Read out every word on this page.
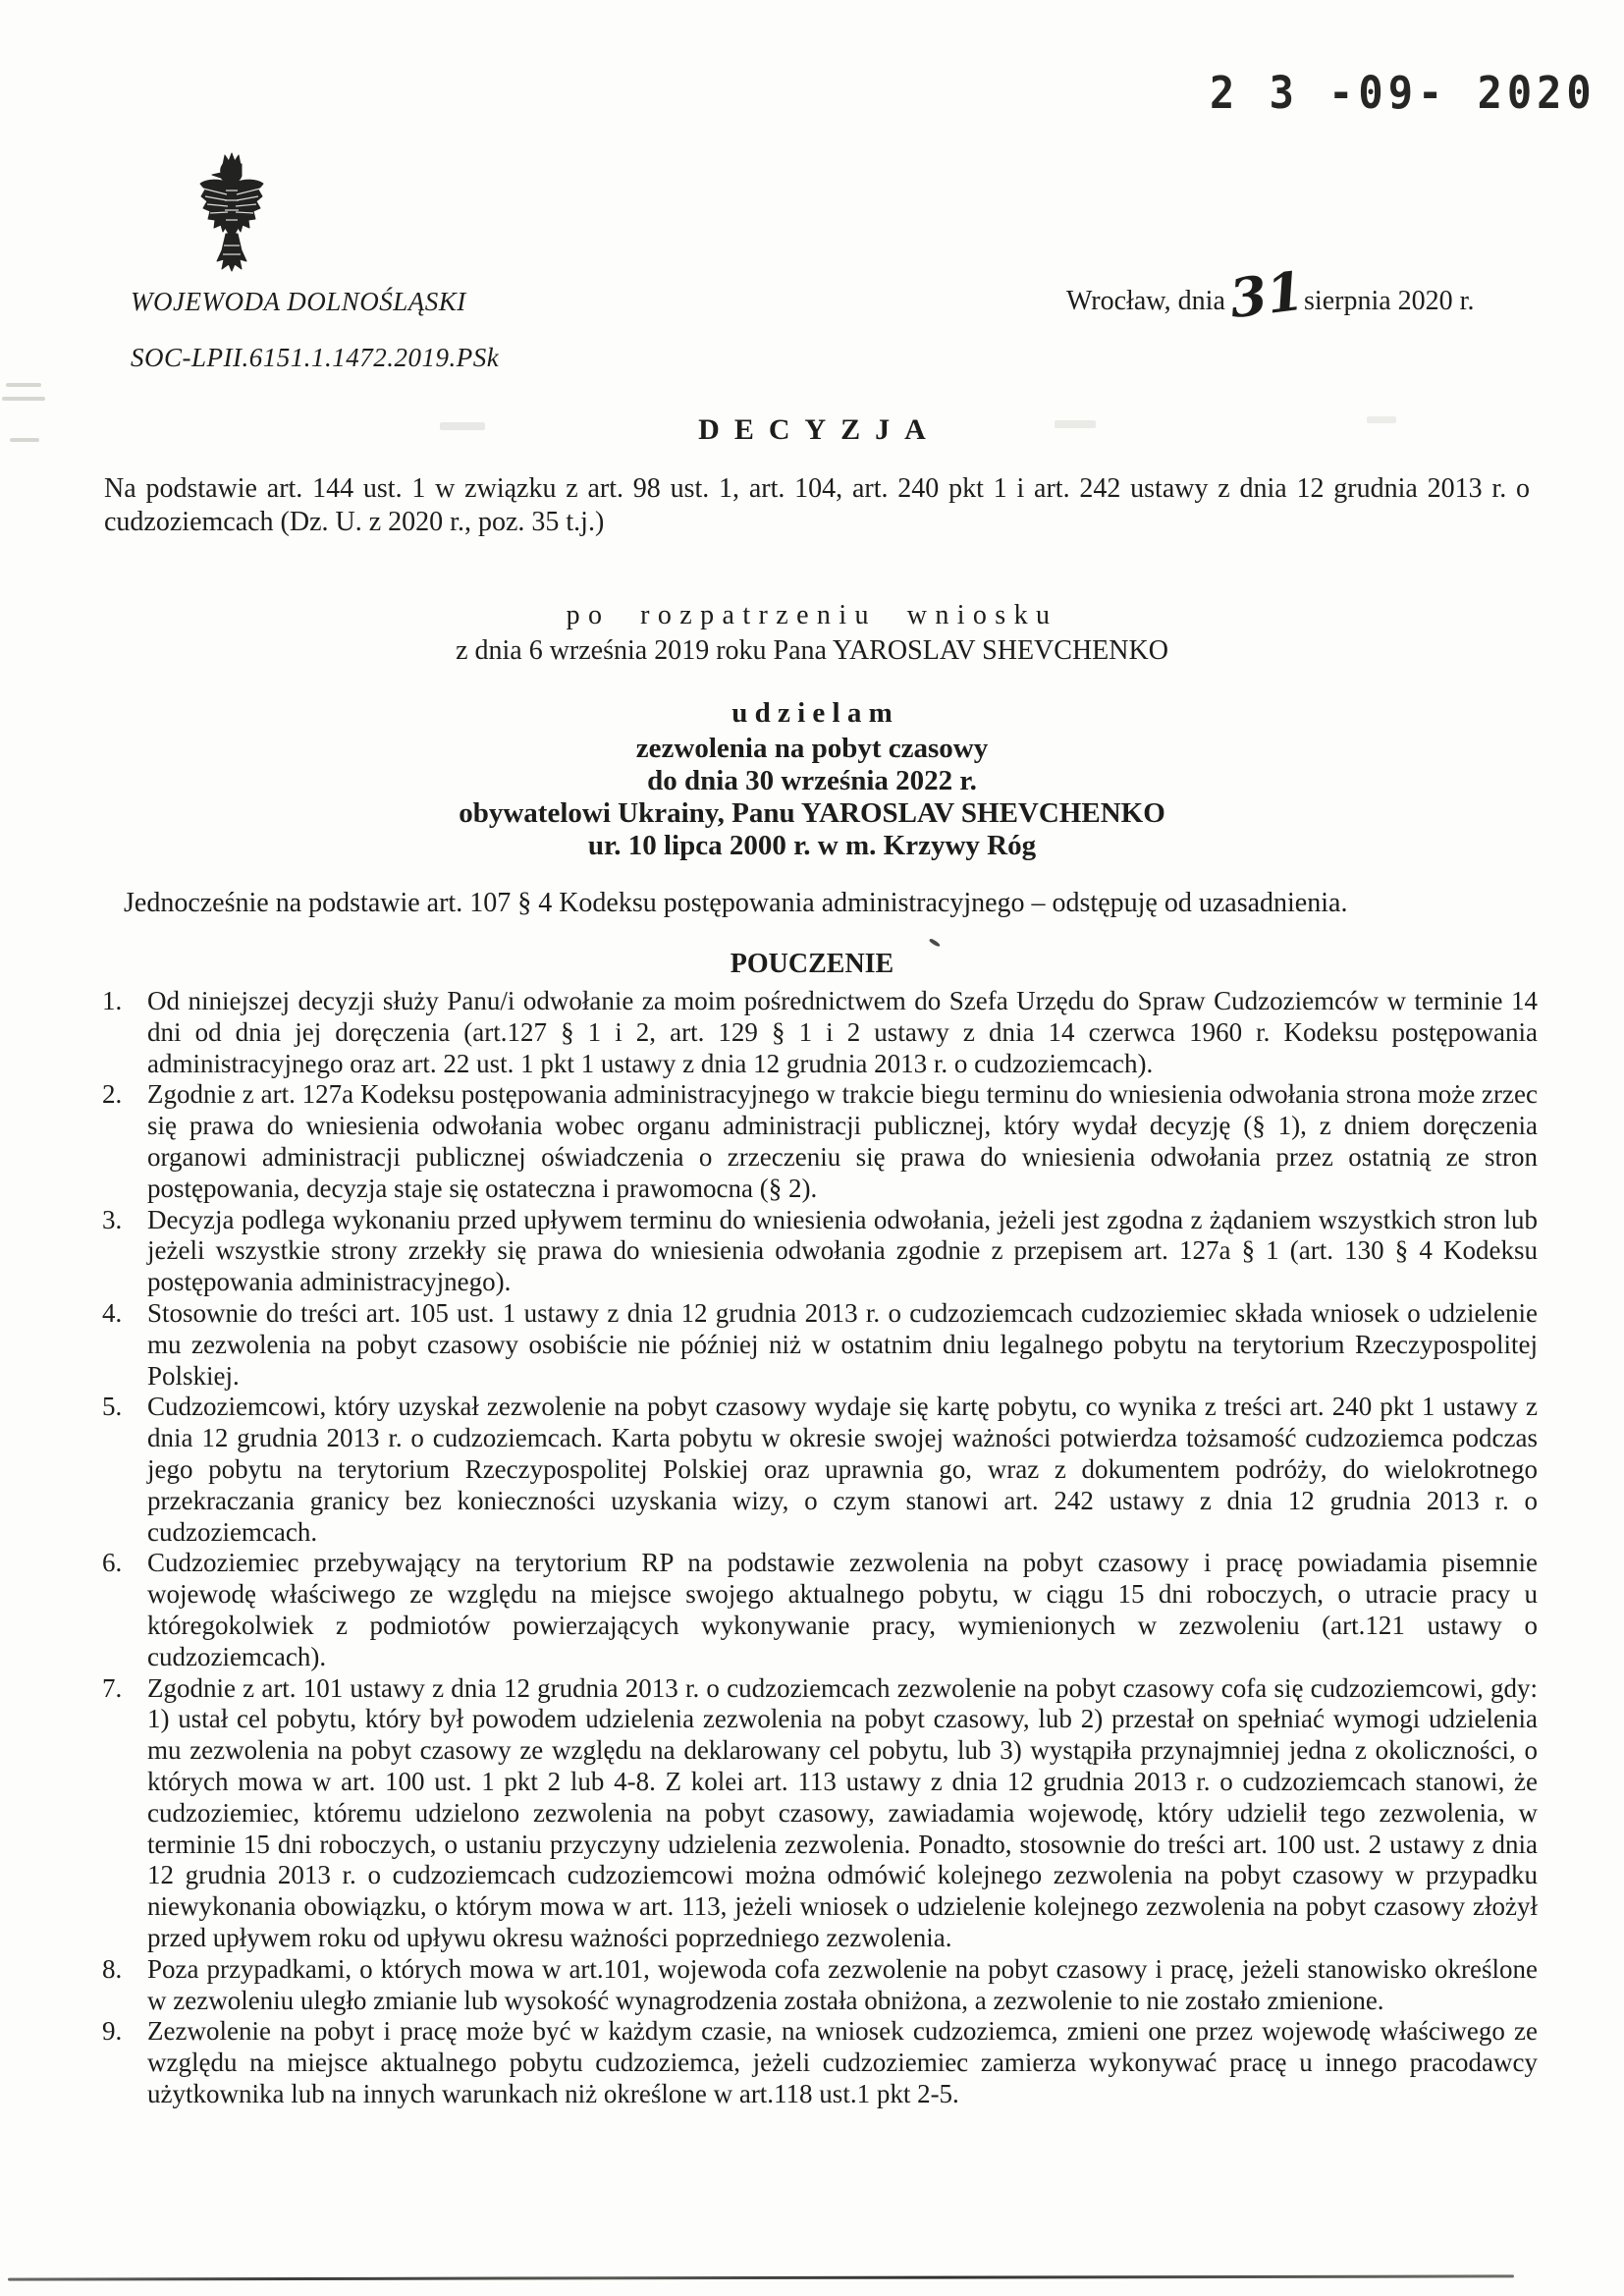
2 3 -09- 2020
WOJEWODA DOLNOŚLĄSKI	Wrocław, dnia31sierpnia 2020 r.
SOC-LPII.6151.1.1472.2019.PSk
DECYZJA
Na podstawie art. 144 ust. 1 w związku z art. 98 ust. 1, art. 104, art. 240 pkt 1 i art. 242 ustawy z dnia 12 grudnia 2013 r. o cudzoziemcach (Dz. U. z 2020 r., poz. 35 t.j.)
po rozpatrzeniu wniosku
z dnia 6 września 2019 roku Pana YAROSLAV SHEVCHENKO
udzielam
zezwolenia na pobyt czasowy
do dnia 30 września 2022 r.
obywatelowi Ukrainy, Panu YAROSLAV SHEVCHENKO
ur. 10 lipca 2000 r. w m. Krzywy Róg
Jednocześnie na podstawie art. 107 § 4 Kodeksu postępowania administracyjnego – odstępuję od uzasadnienia.
POUCZENIE
1. Od niniejszej decyzji służy Panu/i odwołanie za moim pośrednictwem do Szefa Urzędu do Spraw Cudzoziemców w terminie 14 dni od dnia jej doręczenia (art.127 § 1 i 2, art. 129 § 1 i 2 ustawy z dnia 14 czerwca 1960 r. Kodeksu postępowania administracyjnego oraz art. 22 ust. 1 pkt 1 ustawy z dnia 12 grudnia 2013 r. o cudzoziemcach).
2. Zgodnie z art. 127a Kodeksu postępowania administracyjnego w trakcie biegu terminu do wniesienia odwołania strona może zrzec się prawa do wniesienia odwołania wobec organu administracji publicznej, który wydał decyzję (§ 1), z dniem doręczenia organowi administracji publicznej oświadczenia o zrzeczeniu się prawa do wniesienia odwołania przez ostatnią ze stron postępowania, decyzja staje się ostateczna i prawomocna (§ 2).
3. Decyzja podlega wykonaniu przed upływem terminu do wniesienia odwołania, jeżeli jest zgodna z żądaniem wszystkich stron lub jeżeli wszystkie strony zrzekły się prawa do wniesienia odwołania zgodnie z przepisem art. 127a § 1 (art. 130 § 4 Kodeksu postępowania administracyjnego).
4. Stosownie do treści art. 105 ust. 1 ustawy z dnia 12 grudnia 2013 r. o cudzoziemcach cudzoziemiec składa wniosek o udzielenie mu zezwolenia na pobyt czasowy osobiście nie później niż w ostatnim dniu legalnego pobytu na terytorium Rzeczypospolitej Polskiej.
5. Cudzoziemcowi, który uzyskał zezwolenie na pobyt czasowy wydaje się kartę pobytu, co wynika z treści art. 240 pkt 1 ustawy z dnia 12 grudnia 2013 r. o cudzoziemcach. Karta pobytu w okresie swojej ważności potwierdza tożsamość cudzoziemca podczas jego pobytu na terytorium Rzeczypospolitej Polskiej oraz uprawnia go, wraz z dokumentem podróży, do wielokrotnego przekraczania granicy bez konieczności uzyskania wizy, o czym stanowi art. 242 ustawy z dnia 12 grudnia 2013 r. o cudzoziemcach.
6. Cudzoziemiec przebywający na terytorium RP na podstawie zezwolenia na pobyt czasowy i pracę powiadamia pisemnie wojewodę właściwego ze względu na miejsce swojego aktualnego pobytu, w ciągu 15 dni roboczych, o utracie pracy u któregokolwiek z podmiotów powierzających wykonywanie pracy, wymienionych w zezwoleniu (art.121 ustawy o cudzoziemcach).
7. Zgodnie z art. 101 ustawy z dnia 12 grudnia 2013 r. o cudzoziemcach zezwolenie na pobyt czasowy cofa się cudzoziemcowi, gdy: 1) ustał cel pobytu, który był powodem udzielenia zezwolenia na pobyt czasowy, lub 2) przestał on spełniać wymogi udzielenia mu zezwolenia na pobyt czasowy ze względu na deklarowany cel pobytu, lub 3) wystąpiła przynajmniej jedna z okoliczności, o których mowa w art. 100 ust. 1 pkt 2 lub 4-8. Z kolei art. 113 ustawy z dnia 12 grudnia 2013 r. o cudzoziemcach stanowi, że cudzoziemiec, któremu udzielono zezwolenia na pobyt czasowy, zawiadamia wojewodę, który udzielił tego zezwolenia, w terminie 15 dni roboczych, o ustaniu przyczyny udzielenia zezwolenia. Ponadto, stosownie do treści art. 100 ust. 2 ustawy z dnia 12 grudnia 2013 r. o cudzoziemcach cudzoziemcowi można odmówić kolejnego zezwolenia na pobyt czasowy w przypadku niewykonania obowiązku, o którym mowa w art. 113, jeżeli wniosek o udzielenie kolejnego zezwolenia na pobyt czasowy złożył przed upływem roku od upływu okresu ważności poprzedniego zezwolenia.
8. Poza przypadkami, o których mowa w art.101, wojewoda cofa zezwolenie na pobyt czasowy i pracę, jeżeli stanowisko określone w zezwoleniu uległo zmianie lub wysokość wynagrodzenia została obniżona, a zezwolenie to nie zostało zmienione.
9. Zezwolenie na pobyt i pracę może być w każdym czasie, na wniosek cudzoziemca, zmieni one przez wojewodę właściwego ze względu na miejsce aktualnego pobytu cudzoziemca, jeżeli cudzoziemiec zamierza wykonywać pracę u innego pracodawcy użytkownika lub na innych warunkach niż określone w art.118 ust.1 pkt 2-5.
